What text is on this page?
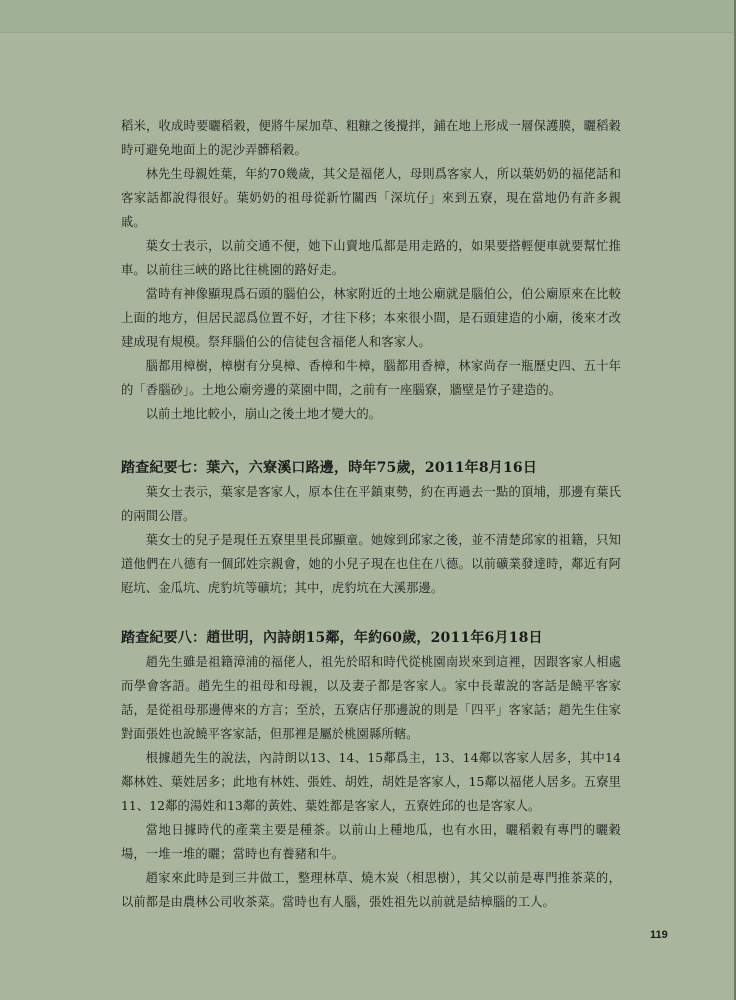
稻米，收成時要曬稻穀，便將牛屎加草、粗糠之後攪拌，鋪在地上形成一層保護膜，曬稻穀時可避免地面上的泥沙弄髒稻穀。

林先生母親姓葉，年約70幾歲，其父是福佬人，母則爲客家人，所以葉奶奶的福佬話和客家話都說得很好。葉奶奶的祖母從新竹關西「深坑仔」來到五寮，現在當地仍有許多親戚。

葉女士表示，以前交通不便，她下山賣地瓜都是用走路的，如果要搭輕便車就要幫忙推車。以前往三峽的路比往桃園的路好走。

當時有神像顯現爲石頭的腦伯公，林家附近的土地公廟就是腦伯公，伯公廟原來在比較上面的地方，但居民認爲位置不好，才往下移；本來很小間，是石頭建造的小廟，後來才改建成現有規模。祭拜腦伯公的信徒包含福佬人和客家人。

腦都用樟樹，樟樹有分臭樟、香樟和牛樟，腦都用香樟，林家尚存一瓶歷史四、五十年的「香腦砂」。土地公廟旁邊的菜園中間，之前有一座腦寮，牆壁是竹子建造的。

以前土地比較小，崩山之後土地才變大的。

踏查紀要七：葉六，六寮溪口路邊，時年75歲，2011年8月16日

葉女士表示，葉家是客家人，原本住在平鎮東勢，約在再過去一點的頂埔，那邊有葉氏的兩間公厝。

葉女士的兒子是現任五寮里里長邱顯童。她嫁到邱家之後，並不清楚邱家的祖籍，只知道他們在八德有一個邱姓宗親會，她的小兒子現在也住在八德。以前礦業發達時，鄰近有阿屘坑、金瓜坑、虎豹坑等礦坑；其中，虎豹坑在大溪那邊。

踏查紀要八：趙世明，內詩朗15鄰，年約60歲，2011年6月18日

趙先生雖是祖籍漳浦的福佬人，祖先於昭和時代從桃園南崁來到這裡，因跟客家人相處而學會客語。趙先生的祖母和母親，以及妻子都是客家人。家中長輩說的客話是饒平客家話，是從祖母那邊傳來的方言；至於，五寮店仔那邊說的則是「四平」客家話；趙先生住家對面張姓也說饒平客家話，但那裡是屬於桃園縣所轄。

根據趙先生的說法，內詩朗以13、14、15鄰爲主，13、14鄰以客家人居多，其中14鄰林姓、葉姓居多；此地有林姓、張姓、胡姓，胡姓是客家人，15鄰以福佬人居多。五寮里11、12鄰的湯姓和13鄰的黃姓、葉姓都是客家人，五寮姓邱的也是客家人。

當地日據時代的產業主要是種茶。以前山上種地瓜，也有水田，曬稻穀有專門的曬穀場，一堆一堆的曬；當時也有養豬和牛。

趙家來此時是到三井做工，整理林草、燒木炭（相思樹），其父以前是專門推茶菜的，以前都是由農林公司收茶菜。當時也有人腦，張姓祖先以前就是結樟腦的工人。

119
